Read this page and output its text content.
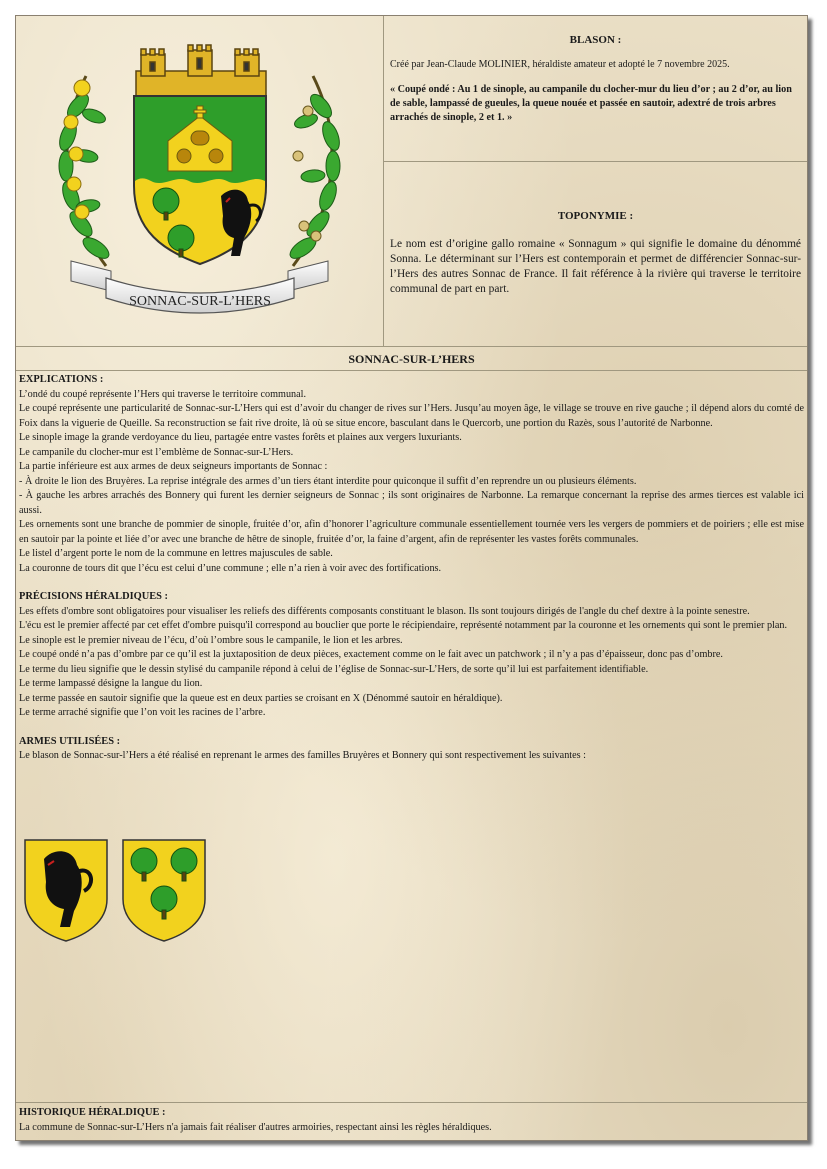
SONNAC-SUR-L’HERS
BLASON :
Créé par Jean-Claude MOLINIER, héraldiste amateur et adopté le 7 novembre 2025.
« Coupé ondé : Au 1 de sinople, au campanile du clocher-mur du lieu d’or ; au 2 d’or, au lion de sable, lampassé de gueules, la queue nouée et passée en sautoir, adextré de trois arbres arrachés de sinople, 2 et 1. »
TOPONYMIE :
Le nom est d’origine gallo romaine « Sonnagum » qui signifie le domaine du dénommé Sonna. Le déterminant sur l’Hers est contemporain et permet de différencier Sonnac-sur-l’Hers des autres Sonnac de France. Il fait référence à la rivière qui traverse le territoire communal de part en part.
SONNAC-SUR-L’HERS
EXPLICATIONS :
L’ondé du coupé représente l’Hers qui traverse le territoire communal.
Le coupé représente une particularité de Sonnac-sur-L’Hers qui est d’avoir du changer de rives sur l’Hers. Jusqu’au moyen âge, le village se trouve en rive gauche ; il dépend alors du comté de Foix dans la viguerie de Queille. Sa reconstruction se fait rive droite, là où se situe encore, basculant dans le Quercorb, une portion du Razès, sous l’autorité de Narbonne.
Le sinople image la grande verdoyance du lieu, partagée entre vastes forêts et plaines aux vergers luxuriants.
Le campanile du clocher-mur est l’emblème de Sonnac-sur-L’Hers.
La partie inférieure est aux armes de deux seigneurs importants de Sonnac :
- À droite le lion des Bruyères. La reprise intégrale des armes d’un tiers étant interdite pour quiconque il suffit d’en reprendre un ou plusieurs éléments.
- À gauche les arbres arrachés des Bonnery qui furent les dernier seigneurs de Sonnac ; ils sont originaires de Narbonne. La remarque concernant la reprise des armes tierces est valable ici aussi.
Les ornements sont une branche de pommier de sinople, fruitée d’or, afin d’honorer l’agriculture communale essentiellement tournée vers les vergers de pommiers et de poiriers ; elle est mise en sautoir par la pointe et liée d’or avec une branche de hêtre de sinople, fruitée d’or, la faine d’argent, afin de représenter les vastes forêts communales.
Le listel d’argent porte le nom de la commune en lettres majuscules de sable.
La couronne de tours dit que l’écu est celui d’une commune ; elle n’a rien à voir avec des fortifications.
PRÉCISIONS HÉRALDIQUES :
Les effets d'ombre sont obligatoires pour visualiser les reliefs des différents composants constituant le blason. Ils sont toujours dirigés de l'angle du chef dextre à la pointe senestre.
L'écu est le premier affecté par cet effet d'ombre puisqu'il correspond au bouclier que porte le récipiendaire, représenté notamment par la couronne et les ornements qui sont le premier plan.
Le sinople est le premier niveau de l’écu, d’où l’ombre sous le campanile, le lion et les arbres.
Le coupé ondé n’a pas d’ombre par ce qu’il est la juxtaposition de deux pièces, exactement comme on le fait avec un patchwork ; il n’y a pas d’épaisseur, donc pas d’ombre.
Le terme du lieu signifie que le dessin stylisé du campanile répond à celui de l’église de Sonnac-sur-L’Hers, de sorte qu’il lui est parfaitement identifiable.
Le terme lampassé désigne la langue du lion.
Le terme passée en sautoir signifie que la queue est en deux parties se croisant en X (Dénommé sautoir en héraldique).
Le terme arraché signifie que l’on voit les racines de l’arbre.
ARMES UTILISÉES :
Le blason de Sonnac-sur-l’Hers a été réalisé en reprenant le armes des familles Bruyères et Bonnery qui sont respectivement les suivantes :
HISTORIQUE HÉRALDIQUE :
La commune de Sonnac-sur-L’Hers n'a jamais fait réaliser d'autres armoiries, respectant ainsi les règles héraldiques.
